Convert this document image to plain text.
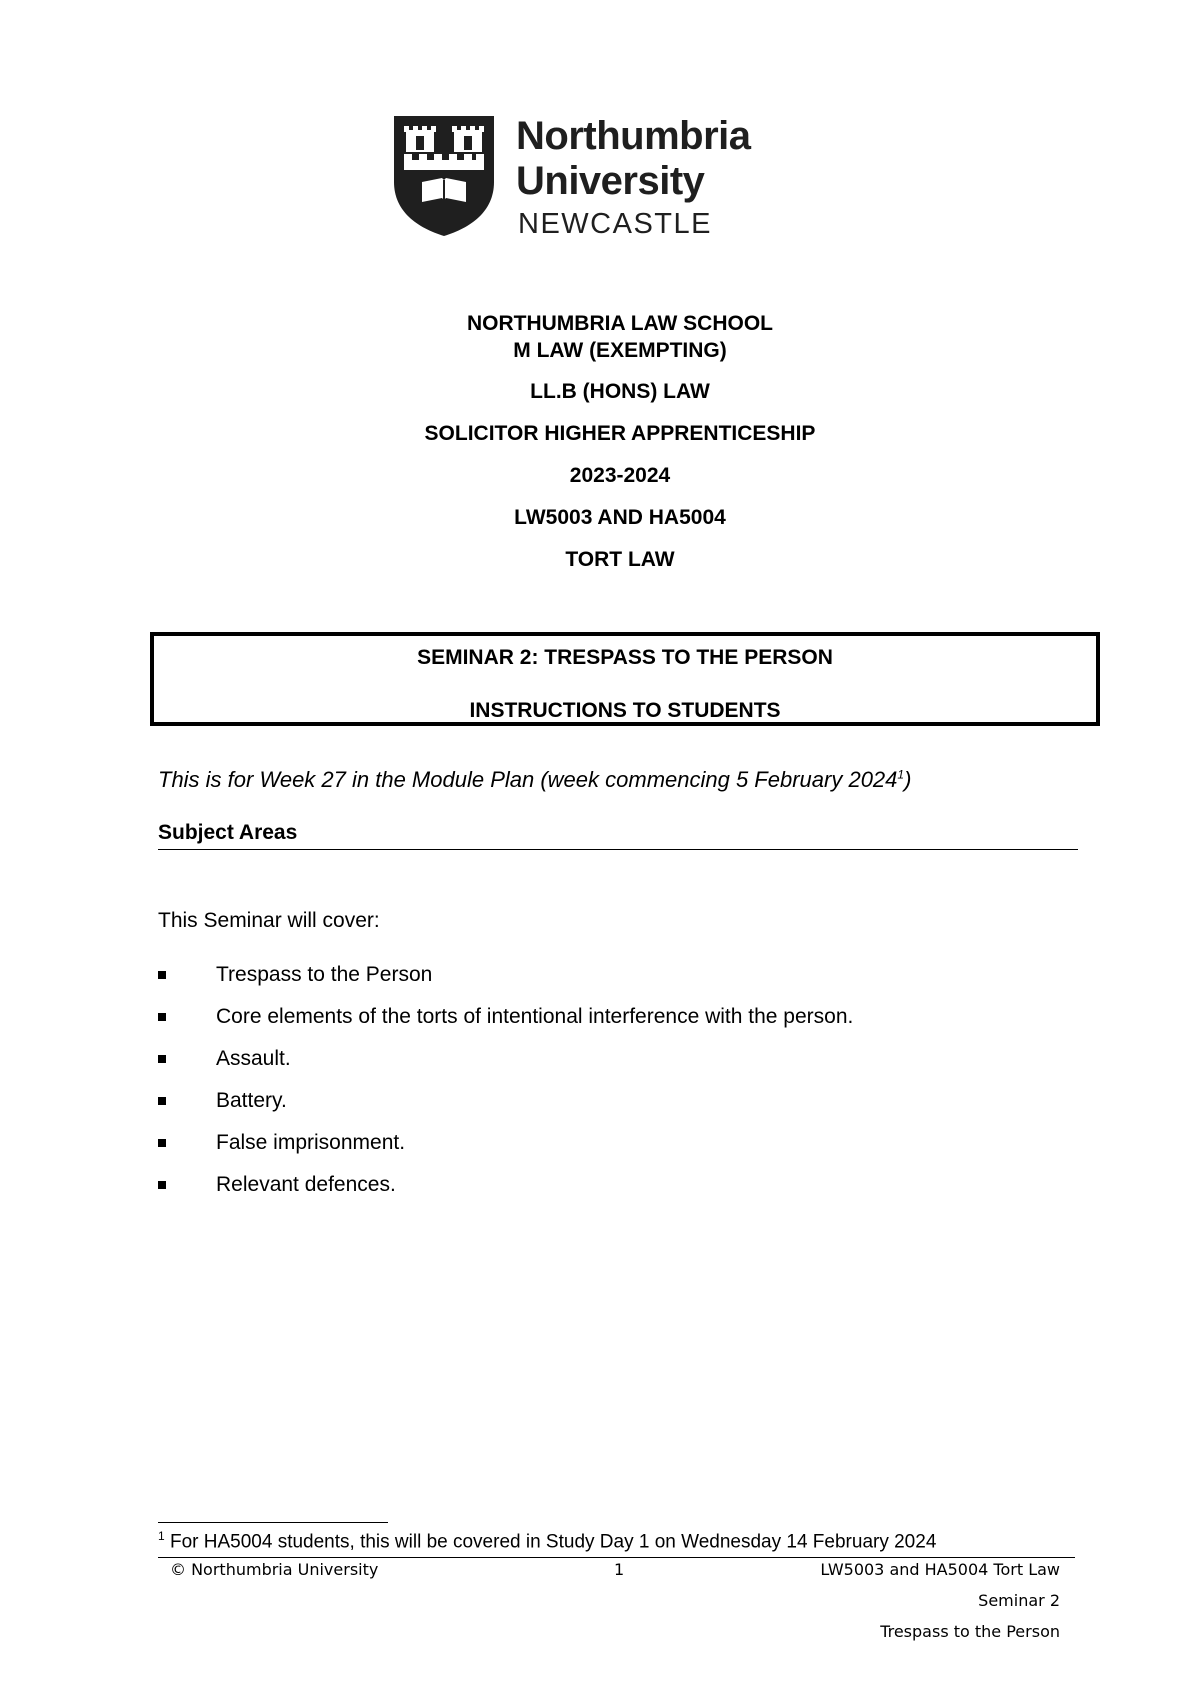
Northumbria
University
NEWCASTLE
NORTHUMBRIA LAW SCHOOL
M LAW (EXEMPTING)
LL.B (HONS) LAW
SOLICITOR HIGHER APPRENTICESHIP
2023-2024
LW5003 AND HA5004
TORT LAW
SEMINAR 2: TRESPASS TO THE PERSON
INSTRUCTIONS TO STUDENTS
This is for Week 27 in the Module Plan (week commencing 5 February 2024$^1$)
Subject Areas
This Seminar will cover:
Trespass to the Person
Core elements of the torts of intentional interference with the person.
Assault.
Battery.
False imprisonment.
Relevant defences.
$^1$ For HA5004 students, this will be covered in Study Day 1 on Wednesday 14 February 2024
© Northumbria University	1	LW5003 and HA5004 Tort Law
Seminar 2
Trespass to the Person
